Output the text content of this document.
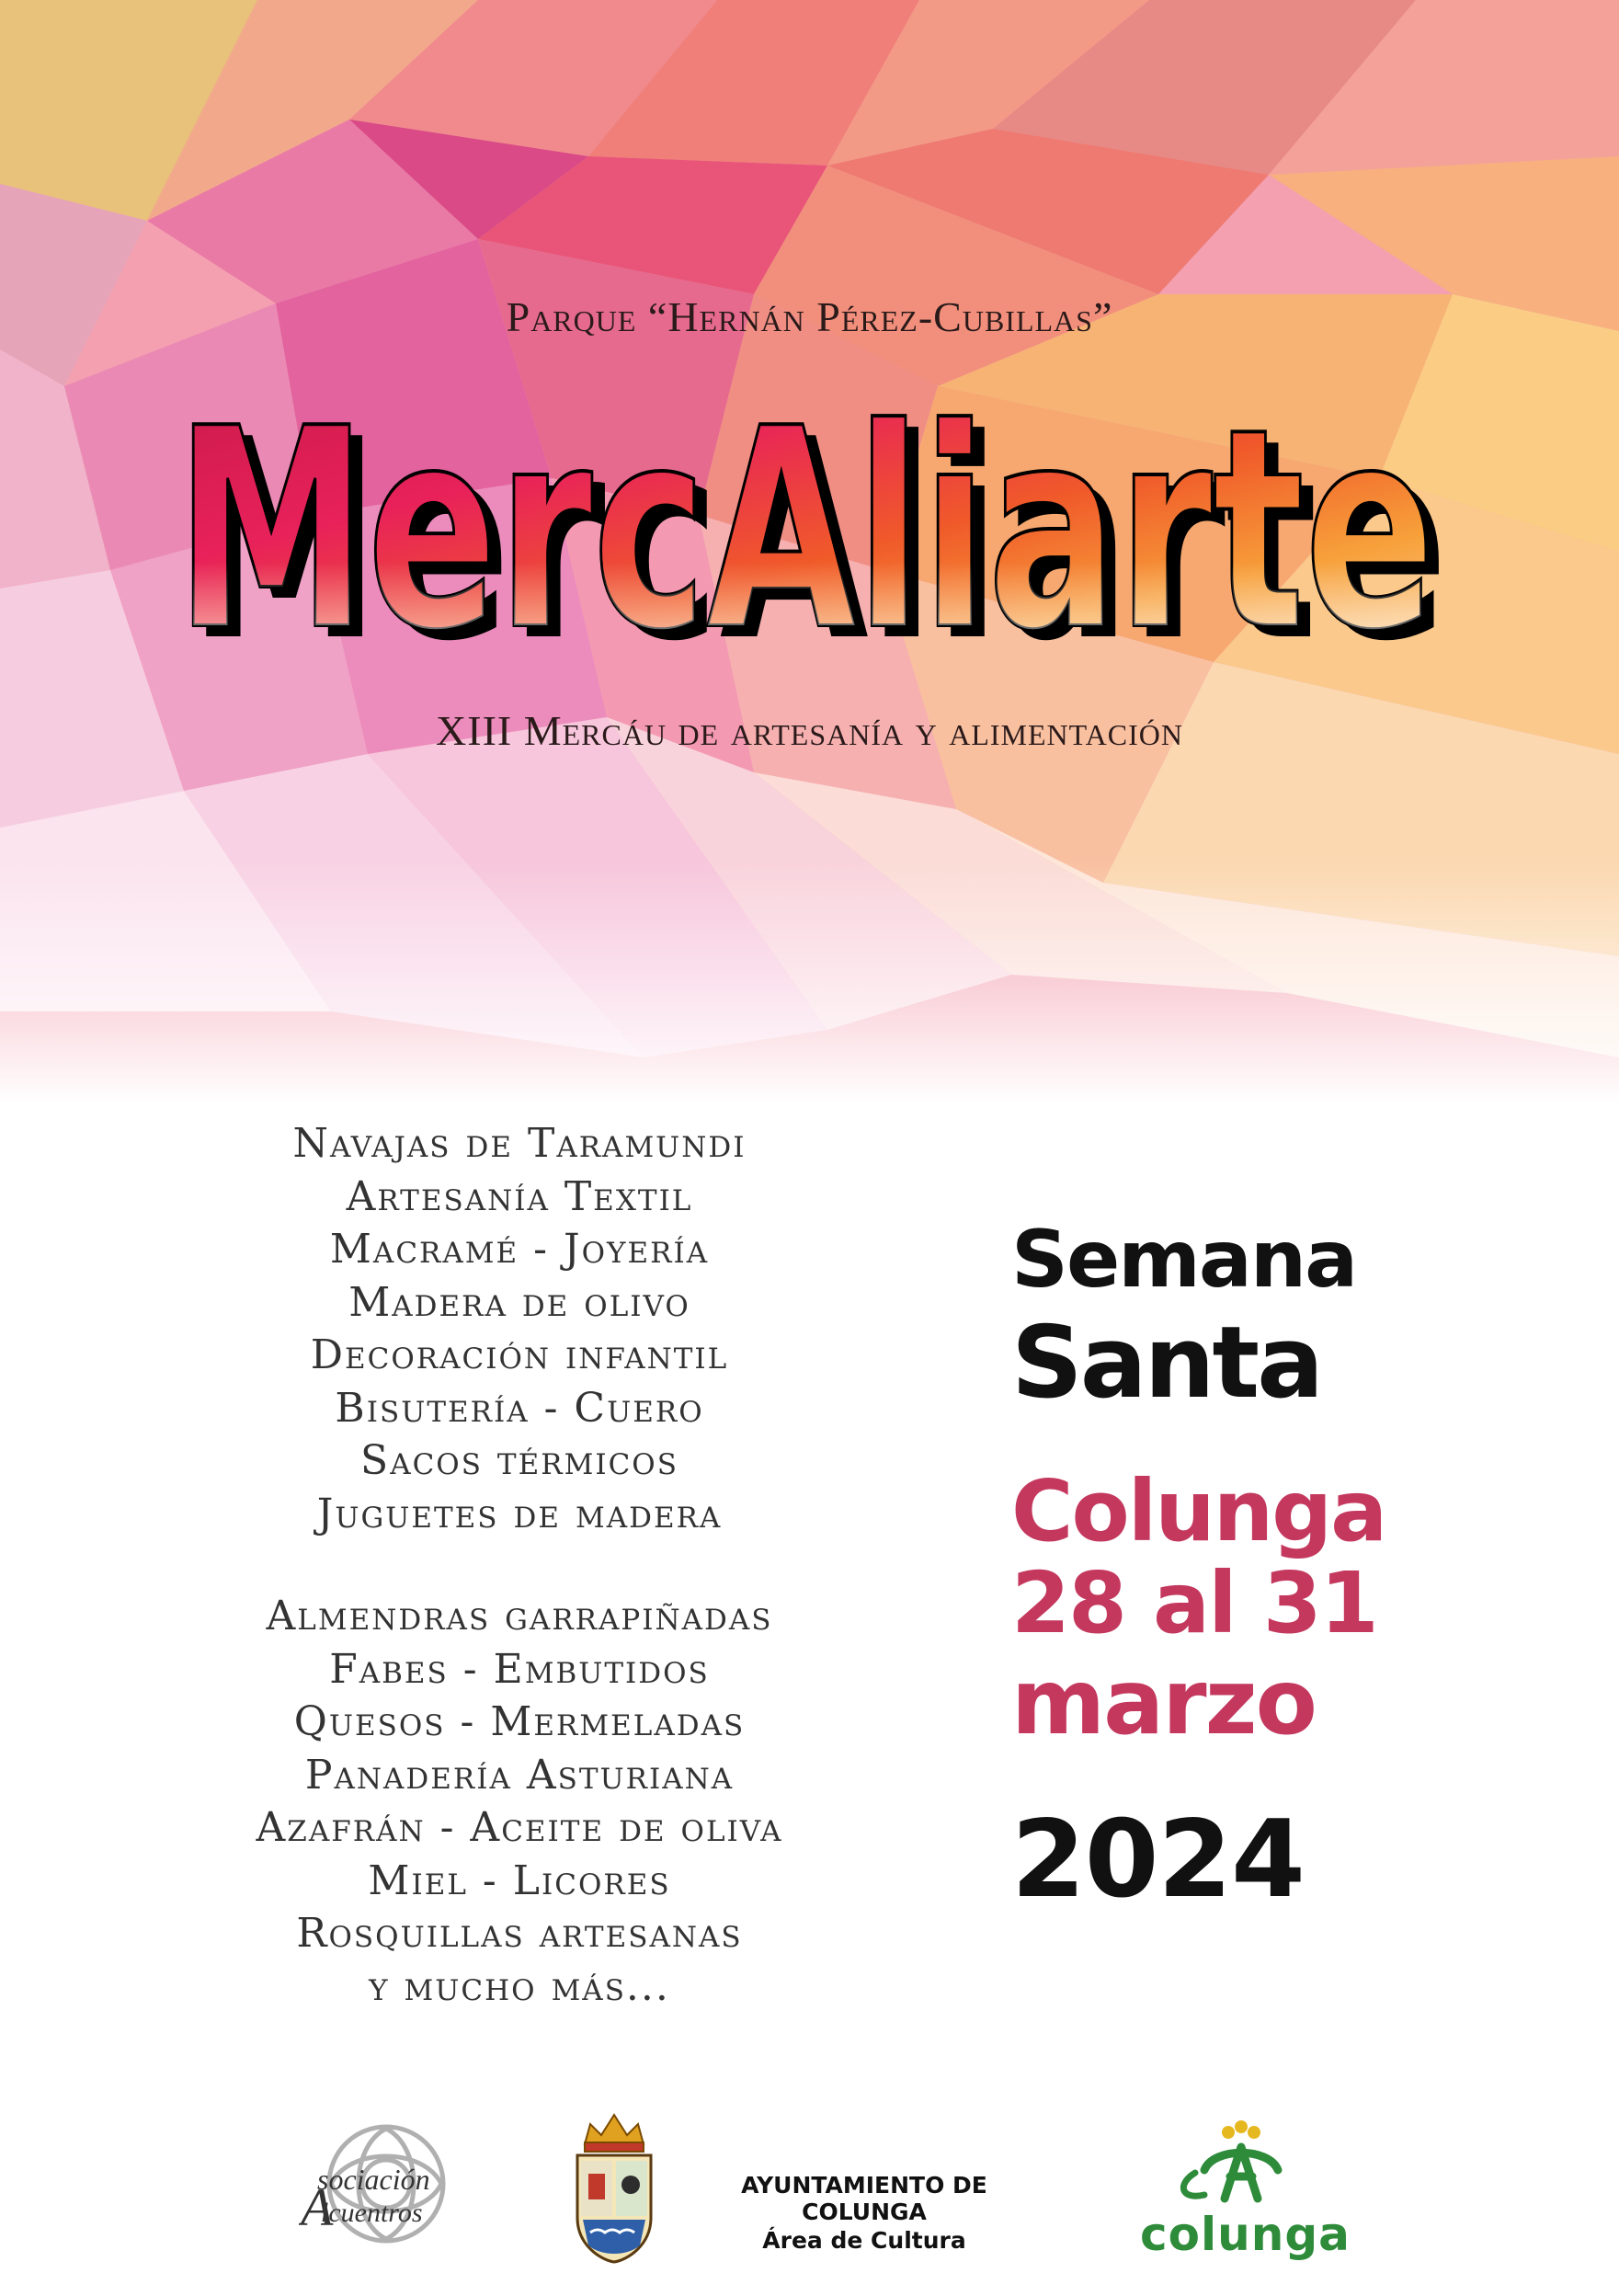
Parque “Hernán Pérez-Cubillas”
MercAliarte
MercAliarte
MercAliarte
XIII Mercáu de artesanía y alimentación
Navajas de Taramundi
Artesanía Textil
Macramé - Joyería
Madera de olivo
Decoración infantil
Bisutería - Cuero
Sacos térmicos
Juguetes de madera
Almendras garrapiñadas
Fabes - Embutidos
Quesos - Mermeladas
Panadería Asturiana
Azafrán - Aceite de oliva
Miel - Licores
Rosquillas artesanas
y mucho más...
Semana
Santa
Colunga
28 al 31
marzo
2024
A
sociación
lcuentros
AYUNTAMIENTO DE COLUNGA
Área de Cultura	colunga
